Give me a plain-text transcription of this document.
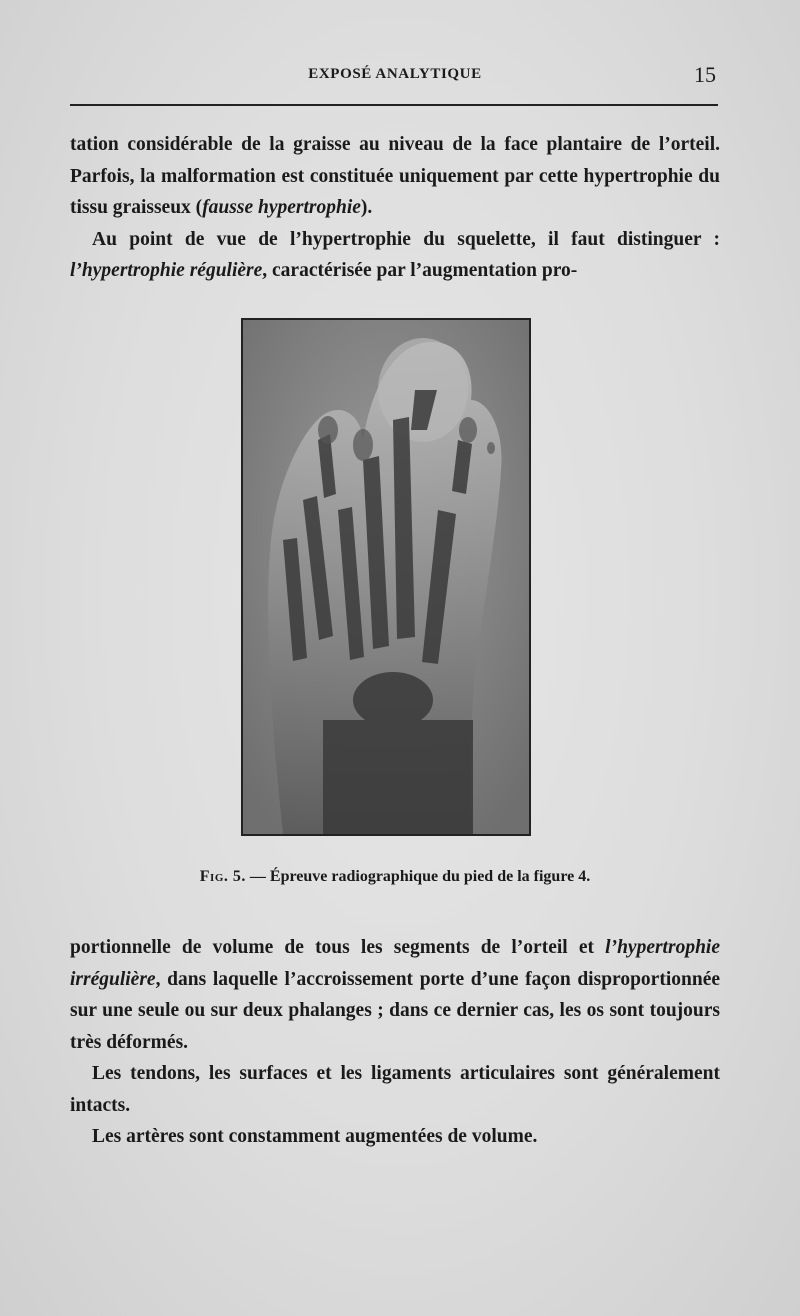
EXPOSÉ ANALYTIQUE	15

tation considérable de la graisse au niveau de la face plantaire de l’orteil. Parfois, la malformation est constituée uniquement par cette hypertrophie du tissu graisseux (fausse hypertrophie).

Au point de vue de l’hypertrophie du squelette, il faut distinguer : l’hypertrophie régulière, caractérisée par l’augmentation pro-

Fig. 5. — Épreuve radiographique du pied de la figure 4.

portionnelle de volume de tous les segments de l’orteil et l’hypertrophie irrégulière, dans laquelle l’accroissement porte d’une façon disproportionnée sur une seule ou sur deux phalanges ; dans ce dernier cas, les os sont toujours très déformés.

Les tendons, les surfaces et les ligaments articulaires sont généralement intacts.

Les artères sont constamment augmentées de volume.
